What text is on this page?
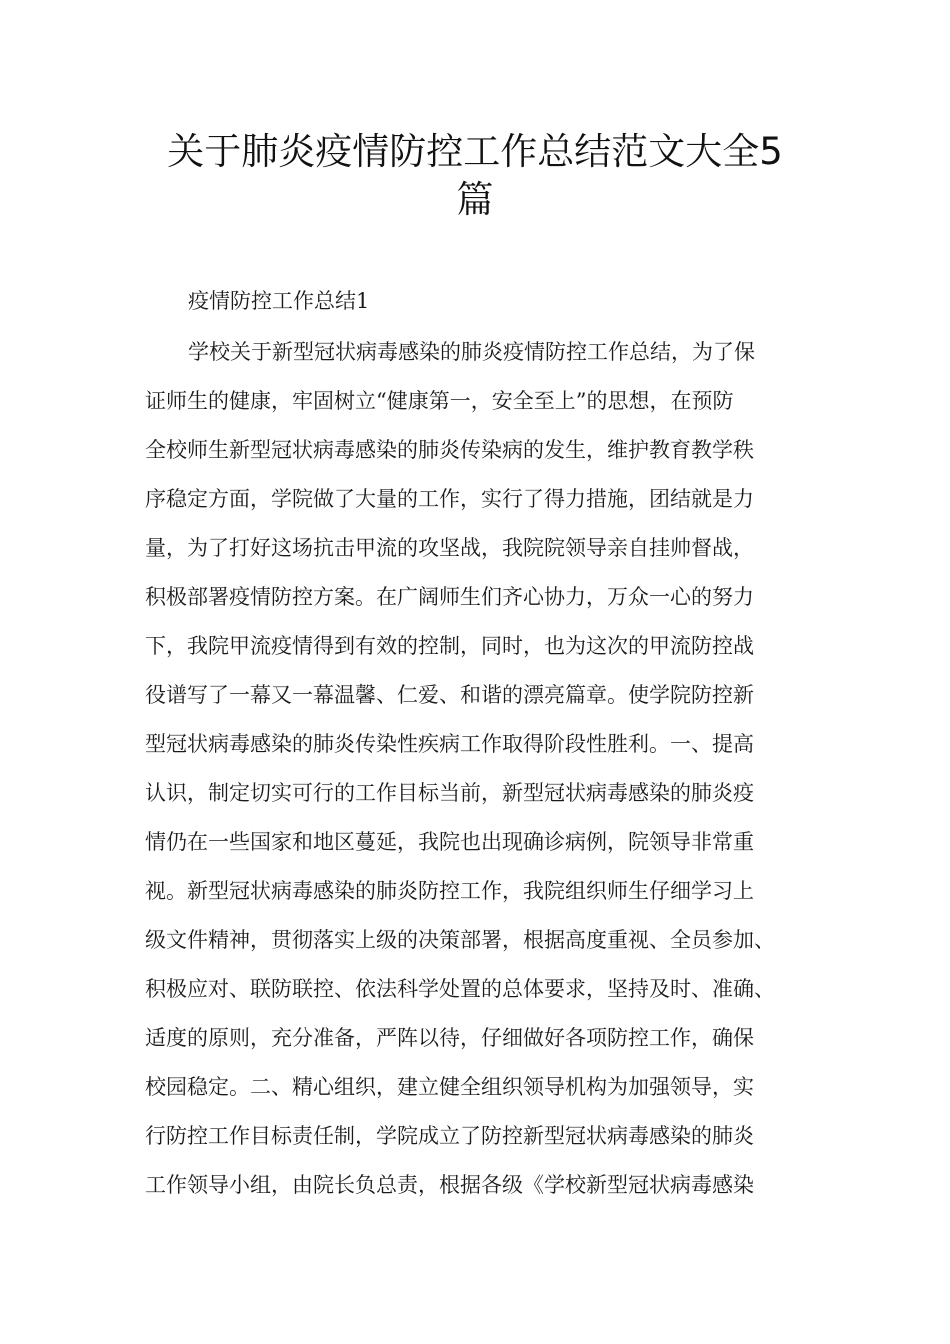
关于肺炎疫情防控工作总结范文大全5
篇

疫情防控工作总结1

学校关于新型冠状病毒感染的肺炎疫情防控工作总结，为了保
证师生的健康，牢固树立“健康第一，安全至上”的思想，在预防
全校师生新型冠状病毒感染的肺炎传染病的发生，维护教育教学秩
序稳定方面，学院做了大量的工作，实行了得力措施，团结就是力
量，为了打好这场抗击甲流的攻坚战，我院院领导亲自挂帅督战，
积极部署疫情防控方案。在广阔师生们齐心协力，万众一心的努力
下，我院甲流疫情得到有效的控制，同时，也为这次的甲流防控战
役谱写了一幕又一幕温馨、仁爱、和谐的漂亮篇章。使学院防控新
型冠状病毒感染的肺炎传染性疾病工作取得阶段性胜利。一、提高
认识，制定切实可行的工作目标当前，新型冠状病毒感染的肺炎疫
情仍在一些国家和地区蔓延，我院也出现确诊病例，院领导非常重
视。新型冠状病毒感染的肺炎防控工作，我院组织师生仔细学习上
级文件精神，贯彻落实上级的决策部署，根据高度重视、全员参加、
积极应对、联防联控、依法科学处置的总体要求，坚持及时、准确、
适度的原则，充分准备，严阵以待，仔细做好各项防控工作，确保
校园稳定。二、精心组织，建立健全组织领导机构为加强领导，实
行防控工作目标责任制，学院成立了防控新型冠状病毒感染的肺炎
工作领导小组，由院长负总责，根据各级《学校新型冠状病毒感染
